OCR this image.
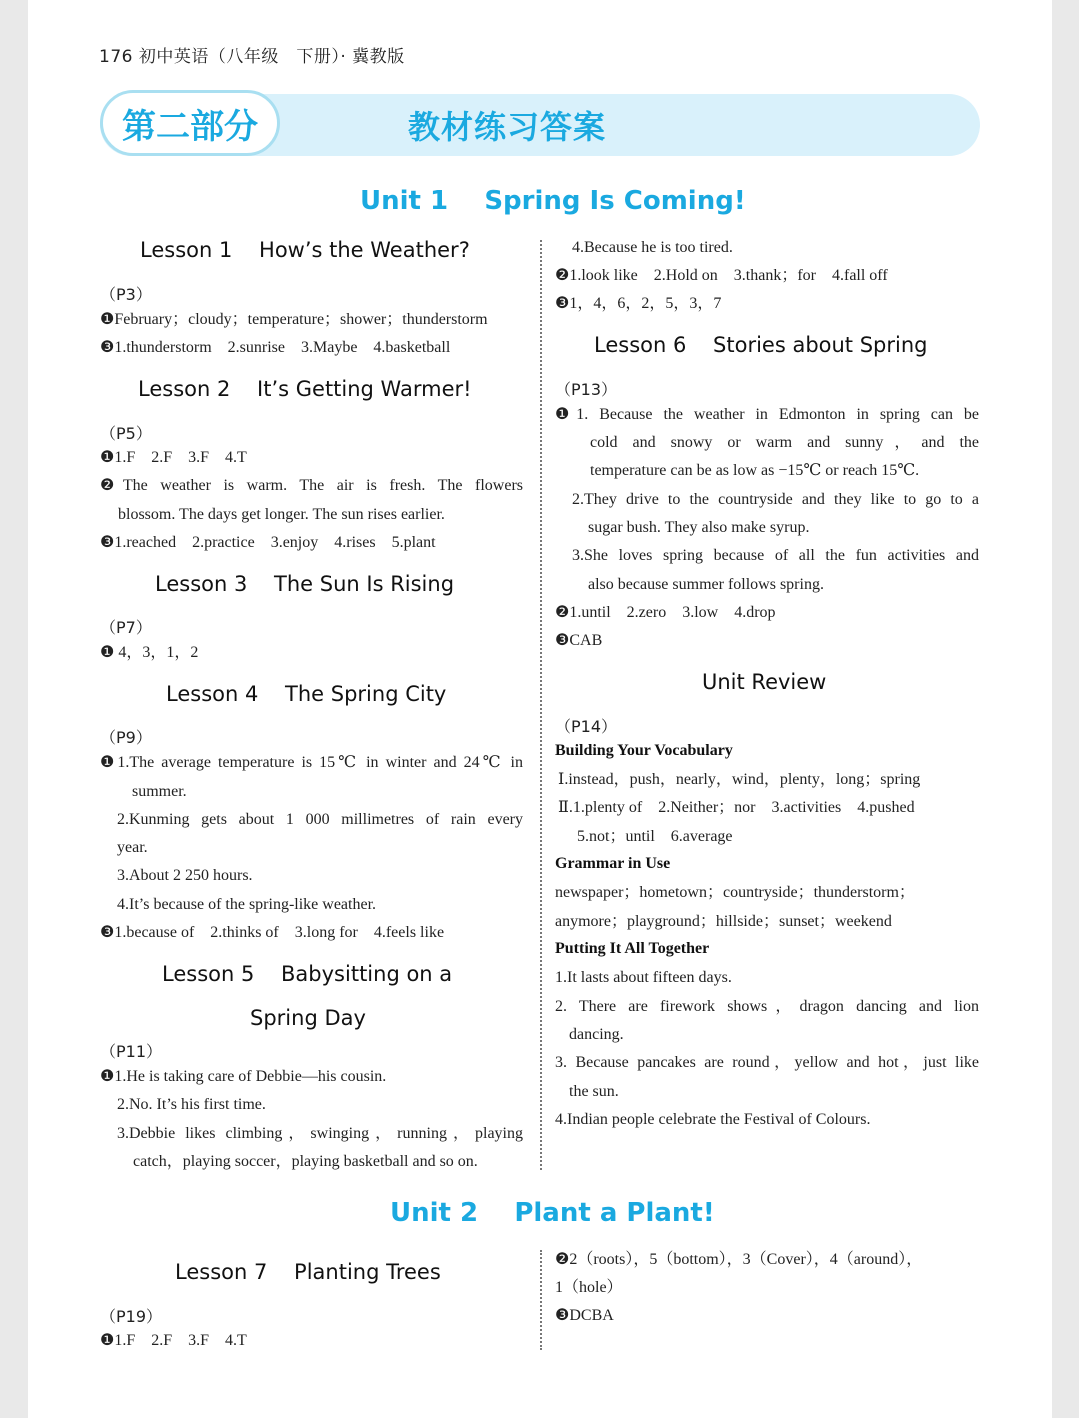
176 初中英语（八年级　下册）· 冀教版
第二部分	教材练习答案
Unit 1    Spring Is Coming!
Lesson 1    How’s the Weather?
（P3）
❶February；cloudy；temperature；shower；thunderstorm
❸1.thunderstorm    2.sunrise    3.Maybe    4.basketball
Lesson 2    It’s Getting Warmer!
（P5）
❶1.F    2.F    3.F    4.T
❷The weather is warm. The air is fresh. The flowers
blossom. The days get longer. The sun rises earlier.
❸1.reached    2.practice    3.enjoy    4.rises    5.plant
Lesson 3    The Sun Is Rising
（P7）
❶ 4，3，1，2
Lesson 4    The Spring City
（P9）
❶1.The average temperature is 15℃ in winter and 24℃ in
summer.
2.Kunming gets about 1 000 millimetres of rain every
year.
3.About 2 250 hours.
4.It’s because of the spring-like weather.
❸1.because of    2.thinks of    3.long for    4.feels like
Lesson 5    Babysitting on a
Spring Day
（P11）
❶1.He is taking care of Debbie—his cousin.
2.No. It’s his first time.
3.Debbie likes climbing，swinging，running，playing
catch，playing soccer，playing basketball and so on.
4.Because he is too tired.
❷1.look like    2.Hold on    3.thank；for    4.fall off
❸1，4，6，2，5，3，7
Lesson 6    Stories about Spring
（P13）
❶1. Because the weather in Edmonton in spring can be
cold and snowy or warm and sunny，and the
temperature can be as low as −15℃ or reach 15℃.
2.They drive to the countryside and they like to go to a
sugar bush. They also make syrup.
3.She loves spring because of all the fun activities and
also because summer follows spring.
❷1.until    2.zero    3.low    4.drop
❸CAB
Unit Review
（P14）
Building Your Vocabulary
Ⅰ.instead，push，nearly，wind，plenty，long；spring
Ⅱ.1.plenty of    2.Neither；nor    3.activities    4.pushed
5.not；until    6.average
Grammar in Use
newspaper；hometown；countryside；thunderstorm；
anymore；playground；hillside；sunset；weekend
Putting It All Together
1.It lasts about fifteen days.
2. There are firework shows，dragon dancing and lion
dancing.
3. Because pancakes are round，yellow and hot，just like
the sun.
4.Indian people celebrate the Festival of Colours.
Unit 2    Plant a Plant!
Lesson 7    Planting Trees
（P19）
❶1.F    2.F    3.F    4.T
❷2（roots），5（bottom），3（Cover），4（around），
1（hole）
❸DCBA
